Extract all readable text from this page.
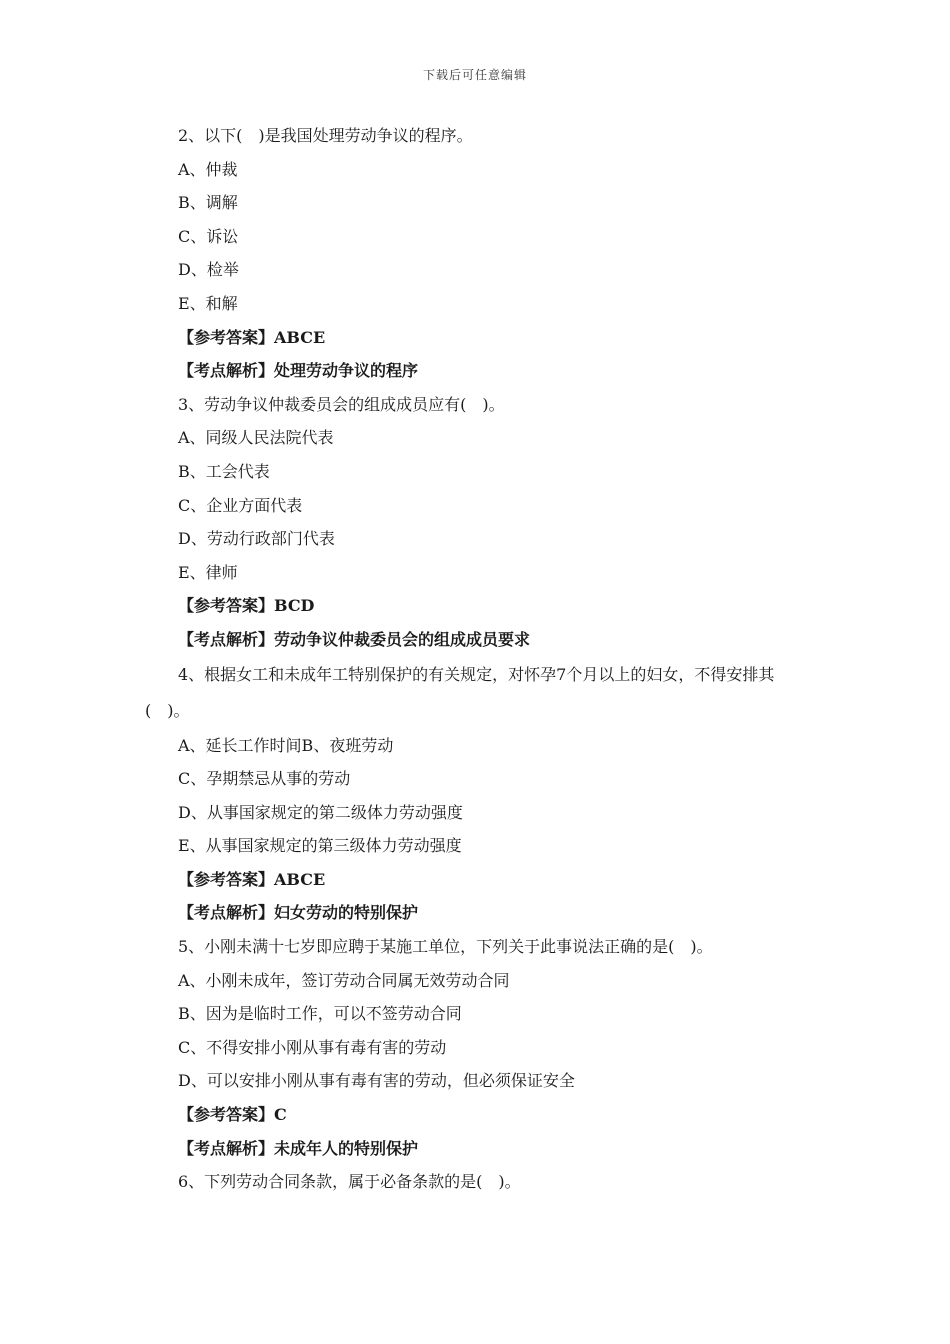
下载后可任意编辑
2、以下(　)是我国处理劳动争议的程序。
A、仲裁
B、调解
C、诉讼
D、检举
E、和解
【参考答案】ABCE
【考点解析】处理劳动争议的程序
3、劳动争议仲裁委员会的组成成员应有(　)。
A、同级人民法院代表
B、工会代表
C、企业方面代表
D、劳动行政部门代表
E、律师
【参考答案】BCD
【考点解析】劳动争议仲裁委员会的组成成员要求
4、根据女工和未成年工特别保护的有关规定，对怀孕7个月以上的妇女，不得安排其(　)。
A、延长工作时间B、夜班劳动
C、孕期禁忌从事的劳动
D、从事国家规定的第二级体力劳动强度
E、从事国家规定的第三级体力劳动强度
【参考答案】ABCE
【考点解析】妇女劳动的特别保护
5、小刚未满十七岁即应聘于某施工单位，下列关于此事说法正确的是(　)。
A、小刚未成年，签订劳动合同属无效劳动合同
B、因为是临时工作，可以不签劳动合同
C、不得安排小刚从事有毒有害的劳动
D、可以安排小刚从事有毒有害的劳动，但必须保证安全
【参考答案】C
【考点解析】未成年人的特别保护
6、下列劳动合同条款，属于必备条款的是(　)。
